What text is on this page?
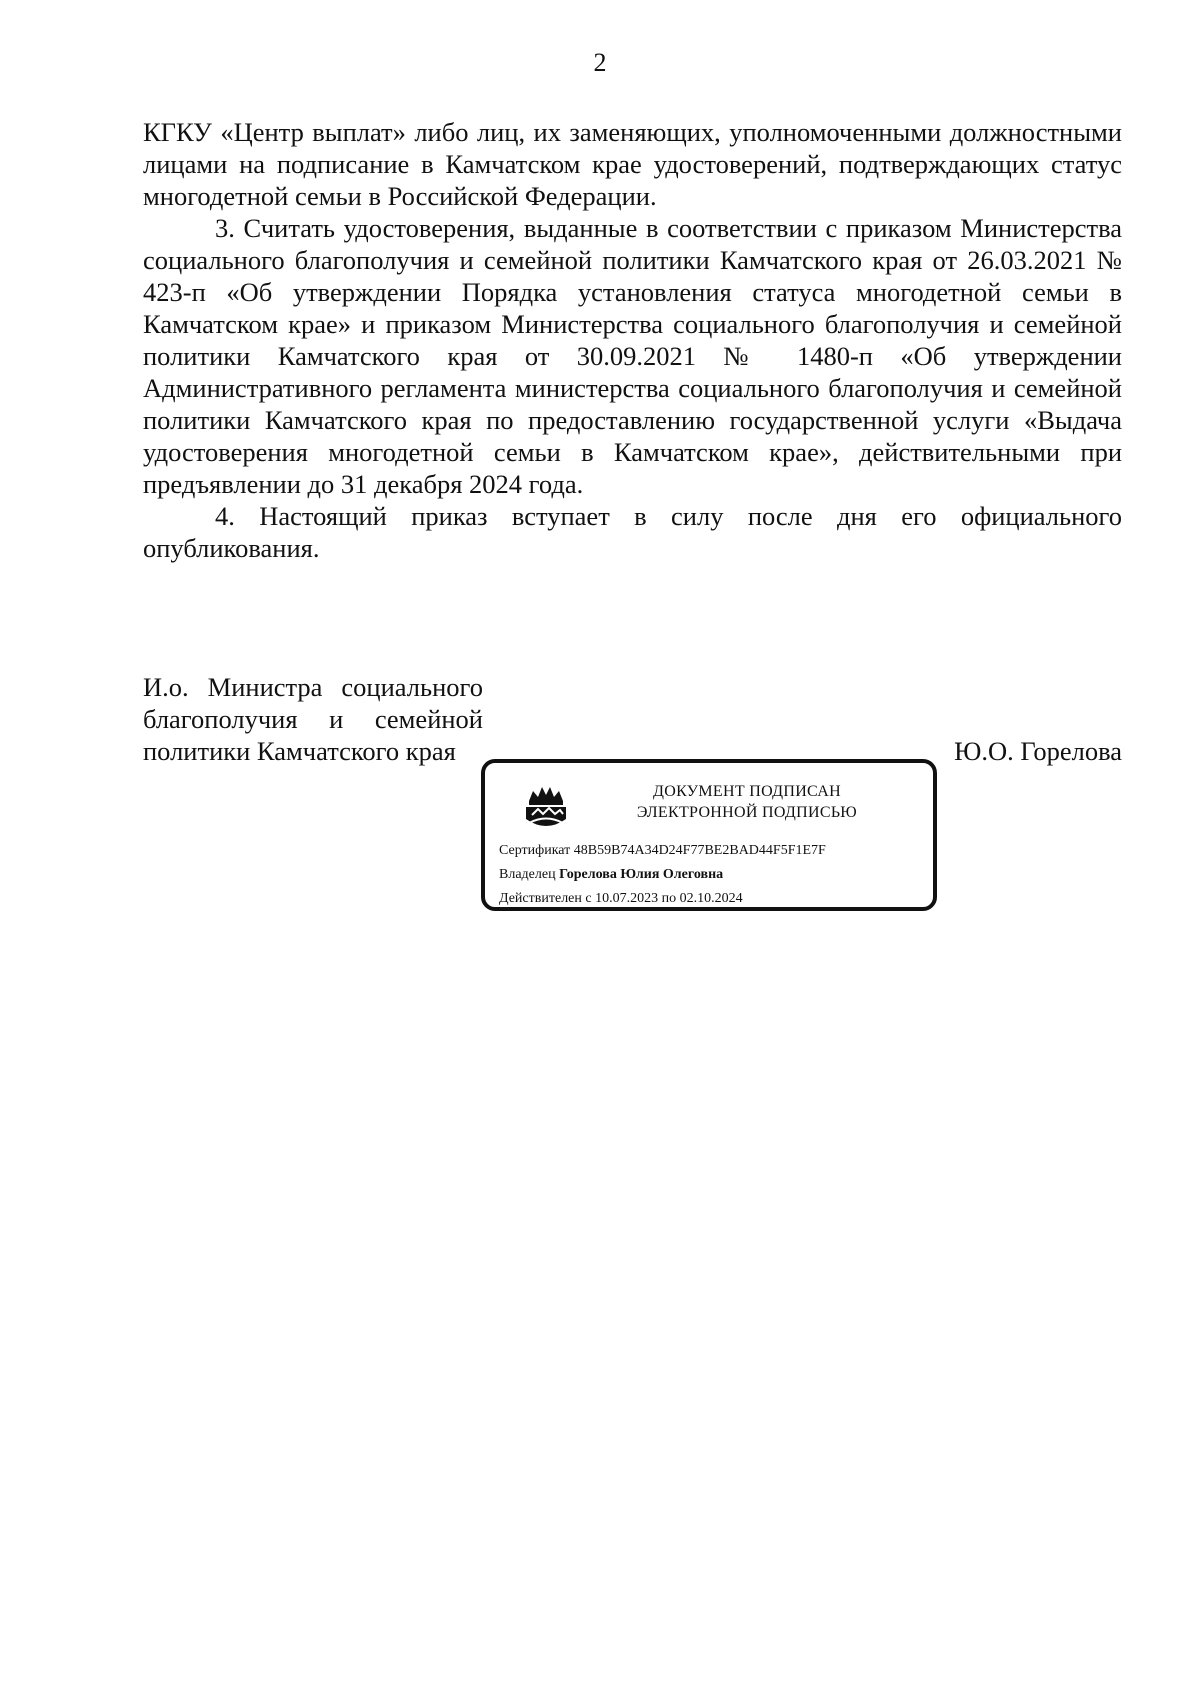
2

КГКУ «Центр выплат» либо лиц, их заменяющих, уполномоченными должностными лицами на подписание в Камчатском крае удостоверений, подтверждающих статус многодетной семьи в Российской Федерации.

3. Считать удостоверения, выданные в соответствии с приказом Министерства социального благополучия и семейной политики Камчатского края от 26.03.2021 № 423-п «Об утверждении Порядка установления статуса многодетной семьи в Камчатском крае» и приказом Министерства социального благополучия и семейной политики Камчатского края от 30.09.2021 № 1480-п «Об утверждении Административного регламента министерства социального благополучия и семейной политики Камчатского края по предоставлению государственной услуги «Выдача удостоверения многодетной семьи в Камчатском крае», действительными при предъявлении до 31 декабря 2024 года.

4. Настоящий приказ вступает в силу после дня его официального опубликования.

И.о. Министра социального благополучия и семейной политики Камчатского края	Ю.О. Горелова
ДОКУМЕНТ ПОДПИСАН
ЭЛЕКТРОННОЙ ПОДПИСЬЮ
Сертификат 48B59B74A34D24F77BE2BAD44F5F1E7F
Владелец Горелова Юлия Олеговна
Действителен с 10.07.2023 по 02.10.2024
